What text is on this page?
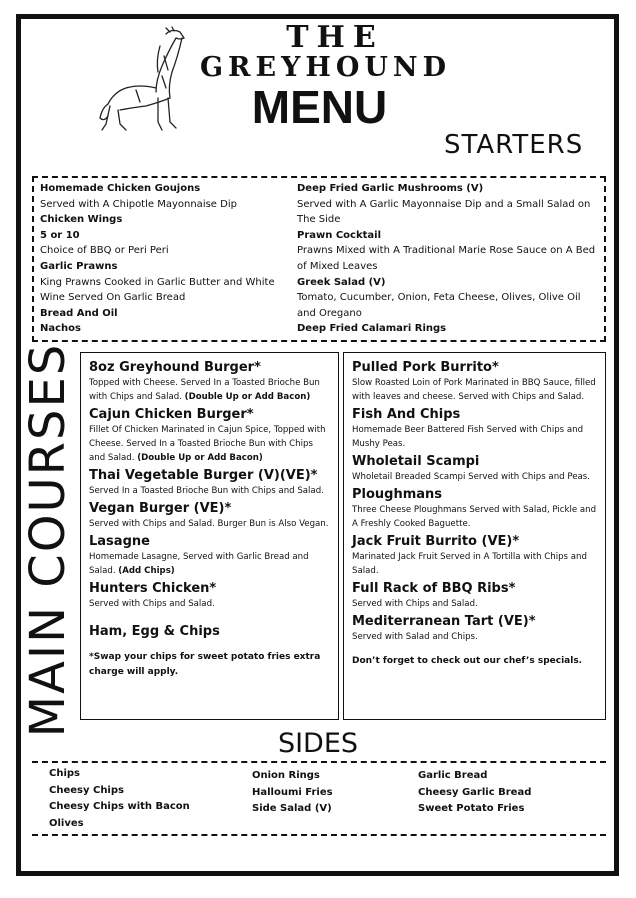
THE
GREYHOUND
MENU
STARTERS
Homemade Chicken Goujons
Served with A Chipotle Mayonnaise Dip
Chicken Wings
5 or 10
Choice of BBQ or Peri Peri
Garlic Prawns
King Prawns Cooked in Garlic Butter and White Wine Served On Garlic Bread
Bread And Oil
Nachos
Deep Fried Garlic Mushrooms (V)
Served with A Garlic Mayonnaise Dip and a Small Salad on The Side
Prawn Cocktail
Prawns Mixed with A Traditional Marie Rose Sauce on A Bed of Mixed Leaves
Greek Salad (V)
Tomato, Cucumber, Onion, Feta Cheese, Olives, Olive Oil and Oregano
Deep Fried Calamari Rings
MAIN COURSES 8oz Greyhound Burger*
Topped with Cheese. Served In a Toasted Brioche Bun with Chips and Salad. (Double Up or Add Bacon)
Cajun Chicken Burger*
Fillet Of Chicken Marinated in Cajun Spice, Topped with Cheese. Served In a Toasted Brioche Bun with Chips and Salad. (Double Up or Add Bacon)
Thai Vegetable Burger (V)(VE)*
Served In a Toasted Brioche Bun with Chips and Salad.
Vegan Burger (VE)*
Served with Chips and Salad. Burger Bun is Also Vegan.
Lasagne
Homemade Lasagne, Served with Garlic Bread and Salad. (Add Chips)
Hunters Chicken*
Served with Chips and Salad.
Ham, Egg & Chips
*Swap your chips for sweet potato fries extra charge will apply.
Pulled Pork Burrito*
Slow Roasted Loin of Pork Marinated in BBQ Sauce, filled with leaves and cheese. Served with Chips and Salad.
Fish And Chips
Homemade Beer Battered Fish Served with Chips and Mushy Peas.
Wholetail Scampi
Wholetail Breaded Scampi Served with Chips and Peas.
Ploughmans
Three Cheese Ploughmans Served with Salad, Pickle and A Freshly Cooked Baguette.
Jack Fruit Burrito (VE)*
Marinated Jack Fruit Served in A Tortilla with Chips and Salad.
Full Rack of BBQ Ribs*
Served with Chips and Salad.
Mediterranean Tart (VE)*
Served with Salad and Chips.
Don’t forget to check out our chef’s specials.
SIDES
Chips
Cheesy Chips
Cheesy Chips with Bacon
Olives
Onion Rings
Halloumi Fries
Side Salad (V)
Garlic Bread
Cheesy Garlic Bread
Sweet Potato Fries
